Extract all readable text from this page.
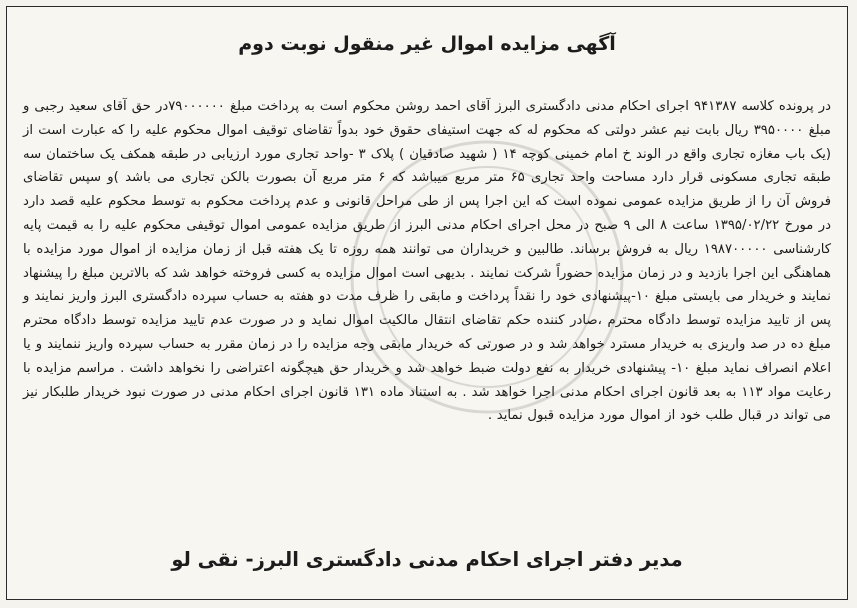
آگهی مزایده اموال غیر منقول نوبت دوم
در پرونده کلاسه ۹۴۱۳۸۷ اجرای احکام مدنی دادگستری البرز آقای احمد روشن محکوم است به پرداخت مبلغ ۷۹۰۰۰۰۰۰در حق آقای سعید رجبی و مبلغ ۳۹۵۰۰۰۰ ریال بابت نیم عشر دولتی که محکوم له که جهت استیفای حقوق خود بدواً تقاضای توقیف اموال محکوم علیه را که عبارت است از (یک باب مغازه تجاری واقع در الوند خ امام خمینی کوچه ۱۴ ( شهید صادقیان ) پلاک ۳ -واحد تجاری مورد ارزیابی در طبقه همکف یک ساختمان سه طبقه تجاری مسکونی قرار دارد مساحت واحد تجاری ۶۵ متر مربع میباشد که ۶ متر مربع آن بصورت بالکن تجاری می باشد )و سپس تقاضای فروش آن را از طریق مزایده عمومی نموده است که این اجرا پس از طی مراحل قانونی و عدم پرداخت محکوم به توسط محکوم علیه قصد دارد در مورخ ۱۳۹۵/۰۲/۲۲ ساعت ۸ الی ۹ صبح در محل اجرای احکام مدنی البرز از طریق مزایده عمومی اموال توقیفی محکوم علیه را به قیمت پایه کارشناسی ۱۹۸۷۰۰۰۰۰ ریال به فروش برساند. طالبین و خریداران می توانند همه روزه تا یک هفته قبل از زمان مزایده از اموال مورد مزایده با هماهنگی این اجرا بازدید و در زمان مزایده حضوراً شرکت نمایند . بدیهی است اموال مزایده به کسی فروخته خواهد شد که بالاترین مبلغ را پیشنهاد نمایند و خریدار می بایستی مبلغ ۱۰-پیشنهادی خود را نقداً پرداخت و مابقی را ظرف مدت دو هفته به حساب سپرده دادگستری البرز واریز نمایند و پس از تایید مزایده توسط دادگاه محترم ،صادر کننده حکم تقاضای انتقال مالکیت اموال نماید و در صورت عدم تایید مزایده توسط دادگاه محترم مبلغ ده در صد واریزی به خریدار مسترد خواهد شد و در صورتی که خریدار مابقی وجه مزایده را در زمان مقرر به حساب سپرده واریز ننمایند و یا اعلام انصراف نماید مبلغ ۱۰- پیشنهادی خریدار به نفع دولت ضبط خواهد شد و خریدار حق هیچگونه اعتراضی را نخواهد داشت . مراسم مزایده با رعایت مواد ۱۱۳ به بعد قانون اجرای احکام مدنی اجرا خواهد شد . به استناد ماده ۱۳۱ قانون اجرای احکام مدنی در صورت نبود خریدار طلبکار نیز می تواند در قبال طلب خود از اموال مورد مزایده قبول نماید .
مدیر دفتر اجرای احکام مدنی دادگستری البرز- نقی لو
